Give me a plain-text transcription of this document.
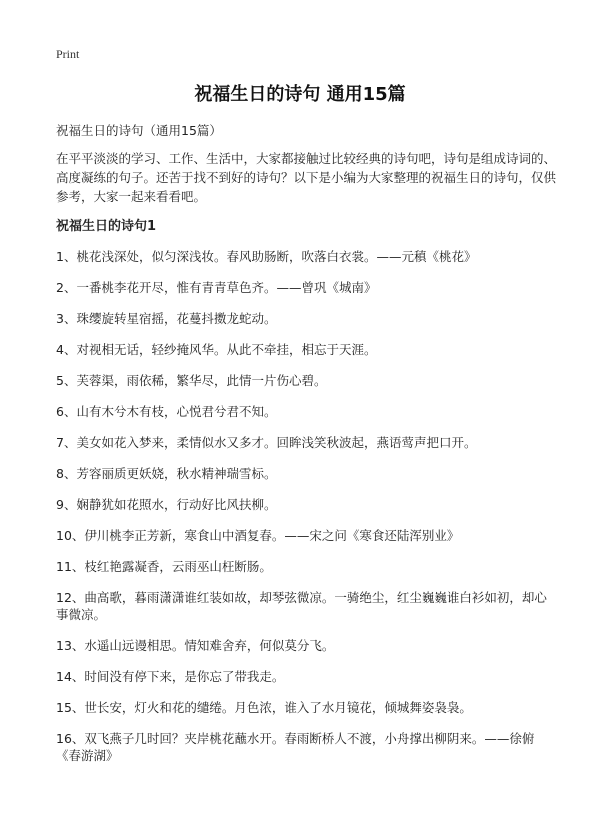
Print
祝福生日的诗句 通用15篇

祝福生日的诗句（通用15篇）

在平平淡淡的学习、工作、生活中，大家都接触过比较经典的诗句吧，诗句是组成诗词的、高度凝练的句子。还苦于找不到好的诗句？以下是小编为大家整理的祝福生日的诗句，仅供参考，大家一起来看看吧。

祝福生日的诗句1
1、桃花浅深处，似匀深浅妆。春风助肠断，吹落白衣裳。——元稹《桃花》
2、一番桃李花开尽，惟有青青草色齐。——曾巩《城南》
3、珠缨旋转星宿摇，花蔓抖擞龙蛇动。
4、对视相无话，轻纱掩风华。从此不牵挂，相忘于天涯。
5、芙蓉渠，雨依稀，繁华尽，此情一片伤心碧。
6、山有木兮木有枝，心悦君兮君不知。
7、美女如花入梦来，柔情似水又多才。回眸浅笑秋波起，燕语莺声把口开。
8、芳容丽质更妖娆，秋水精神瑞雪标。
9、娴静犹如花照水，行动好比风扶柳。
10、伊川桃李正芳新，寒食山中酒复春。——宋之问《寒食还陆浑别业》
11、枝红艳露凝香，云雨巫山枉断肠。
12、曲高歌，暮雨潇潇谁红装如故，却琴弦微凉。一骑绝尘，红尘巍巍谁白衫如初，却心事微凉。
13、水遥山远谩相思。情知难舍弃，何似莫分飞。
14、时间没有停下来，是你忘了带我走。
15、世长安，灯火和花的缱绻。月色浓，谁入了水月镜花，倾城舞姿袅袅。
16、双飞燕子几时回？夹岸桃花蘸水开。春雨断桥人不渡，小舟撑出柳阴来。——徐俯《春游湖》
